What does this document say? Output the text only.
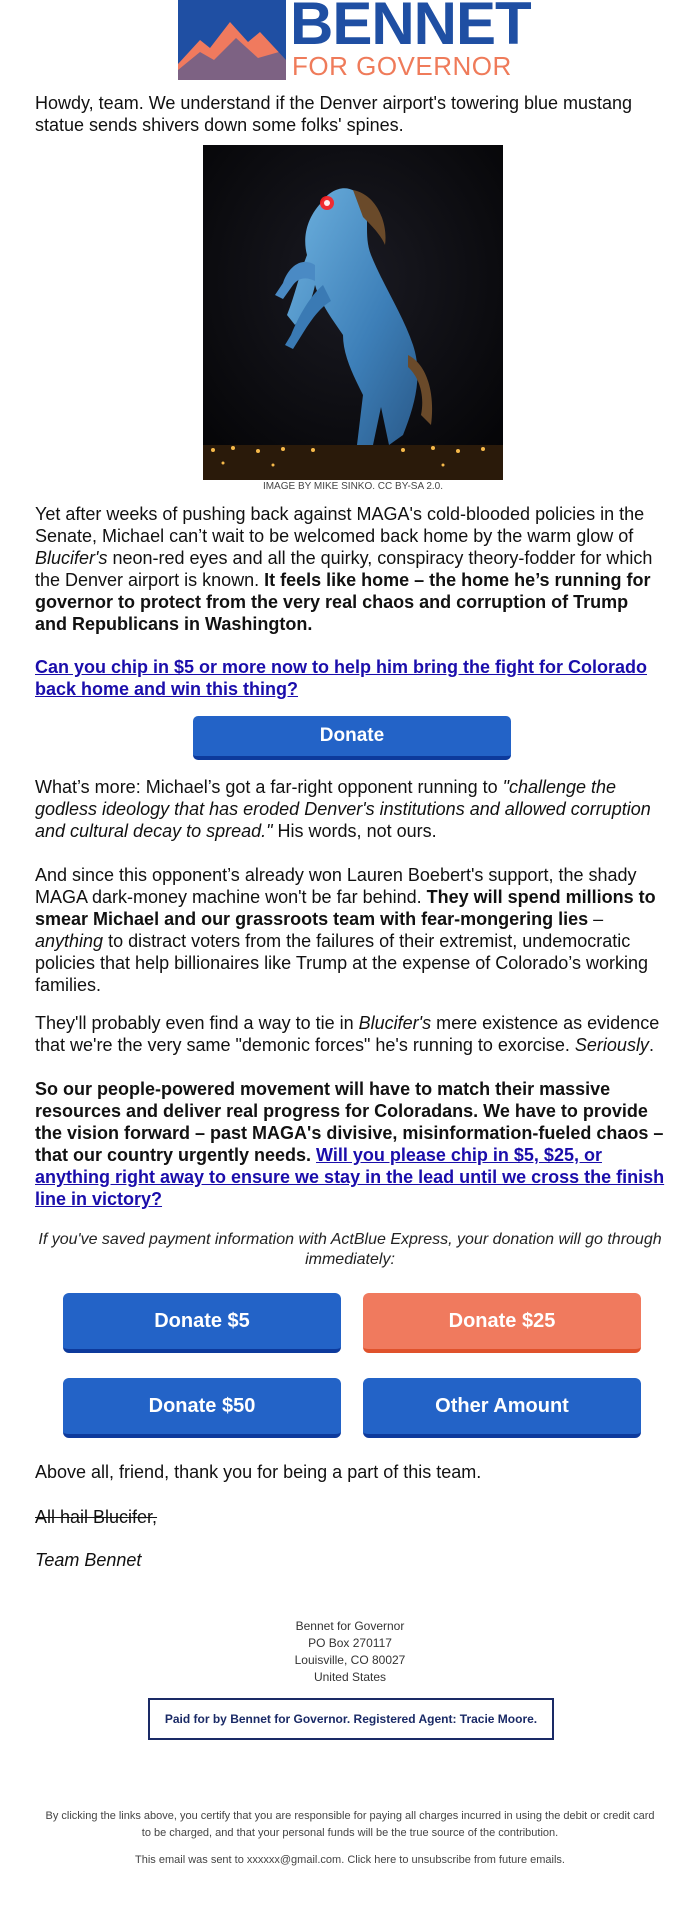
BENNET
FOR GOVERNOR

Howdy, team. We understand if the Denver airport's towering blue mustang statue sends shivers down some folks' spines.

IMAGE BY MIKE SINKO. CC BY-SA 2.0.

Yet after weeks of pushing back against MAGA's cold-blooded policies in the Senate, Michael can’t wait to be welcomed back home by the warm glow of Blucifer's neon-red eyes and all the quirky, conspiracy theory-fodder for which the Denver airport is known. It feels like home – the home he’s running for governor to protect from the very real chaos and corruption of Trump and Republicans in Washington.

Can you chip in $5 or more now to help him bring the fight for Colorado back home and win this thing?

Donate

What’s more: Michael’s got a far-right opponent running to "challenge the godless ideology that has eroded Denver's institutions and allowed corruption and cultural decay to spread." His words, not ours.

And since this opponent’s already won Lauren Boebert's support, the shady MAGA dark-money machine won't be far behind. They will spend millions to smear Michael and our grassroots team with fear-mongering lies – anything to distract voters from the failures of their extremist, undemocratic policies that help billionaires like Trump at the expense of Colorado’s working families.

They'll probably even find a way to tie in Blucifer's mere existence as evidence that we're the very same "demonic forces" he's running to exorcise. Seriously.

So our people-powered movement will have to match their massive resources and deliver real progress for Coloradans. We have to provide the vision forward – past MAGA's divisive, misinformation-fueled chaos – that our country urgently needs. Will you please chip in $5, $25, or anything right away to ensure we stay in the lead until we cross the finish line in victory?

If you've saved payment information with ActBlue Express, your donation will go through immediately:
Donate $5	Donate $25
Donate $50	Other Amount

Above all, friend, thank you for being a part of this team.

All hail Blucifer,

Team Bennet

Bennet for Governor
PO Box 270117
Louisville, CO 80027
United States
Paid for by Bennet for Governor. Registered Agent: Tracie Moore.
By clicking the links above, you certify that you are responsible for paying all charges incurred in using the debit or credit card to be charged, and that your personal funds will be the true source of the contribution.
This email was sent to xxxxxx@gmail.com. Click here to unsubscribe from future emails.
